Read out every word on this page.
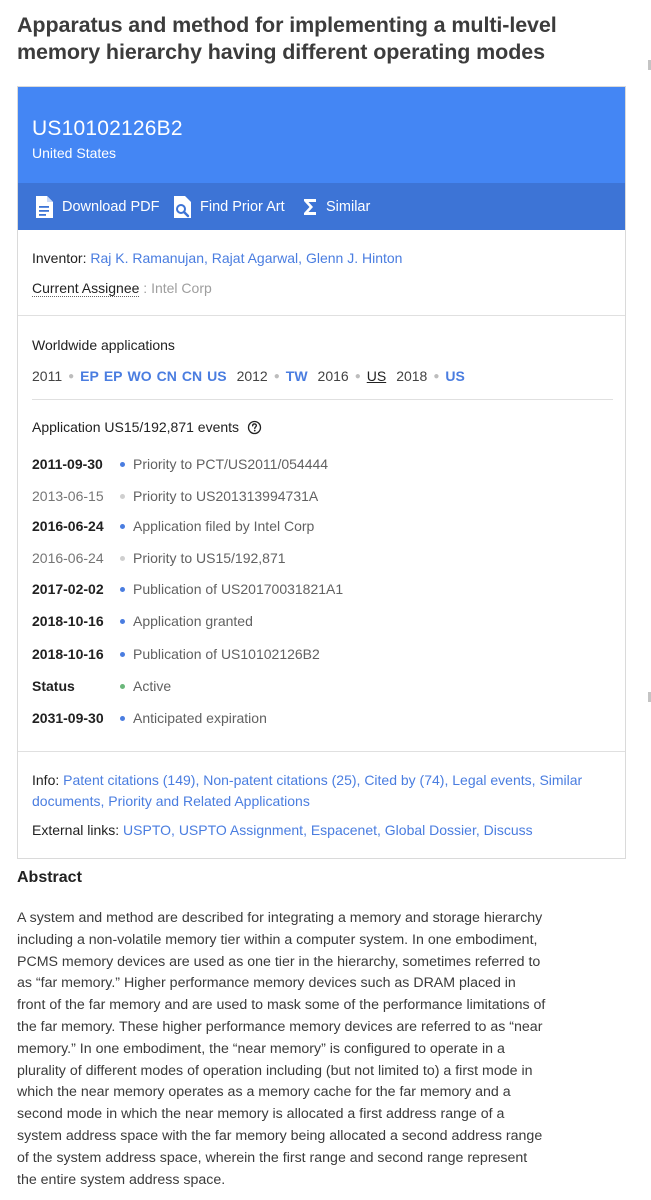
Apparatus and method for implementing a multi-level memory hierarchy having different operating modes
US10102126B2
United States
Download PDF	Find Prior Art	Similar
Inventor: Raj K. Ramanujan, Rajat Agarwal, Glenn J. Hinton
Current Assignee : Intel Corp
Worldwide applications
2011 ● EP EP WO CN CN US 2012 ● TW 2016 ● US 2018 ● US
Application US15/192,871 events
2011-09-30	Priority to PCT/US2011/054444
2013-06-15	Priority to US201313994731A
2016-06-24	Application filed by Intel Corp
2016-06-24	Priority to US15/192,871
2017-02-02	Publication of US20170031821A1
2018-10-16	Application granted
2018-10-16	Publication of US10102126B2
Status	Active
2031-09-30	Anticipated expiration
Info: Patent citations (149), Non-patent citations (25), Cited by (74), Legal events, Similar documents, Priority and Related Applications
External links: USPTO, USPTO Assignment, Espacenet, Global Dossier, Discuss
Abstract

A system and method are described for integrating a memory and storage hierarchy including a non-volatile memory tier within a computer system. In one embodiment, PCMS memory devices are used as one tier in the hierarchy, sometimes referred to as “far memory.” Higher performance memory devices such as DRAM placed in front of the far memory and are used to mask some of the performance limitations of the far memory. These higher performance memory devices are referred to as “near memory.” In one embodiment, the “near memory” is configured to operate in a plurality of different modes of operation including (but not limited to) a first mode in which the near memory operates as a memory cache for the far memory and a second mode in which the near memory is allocated a first address range of a system address space with the far memory being allocated a second address range of the system address space, wherein the first range and second range represent the entire system address space.
